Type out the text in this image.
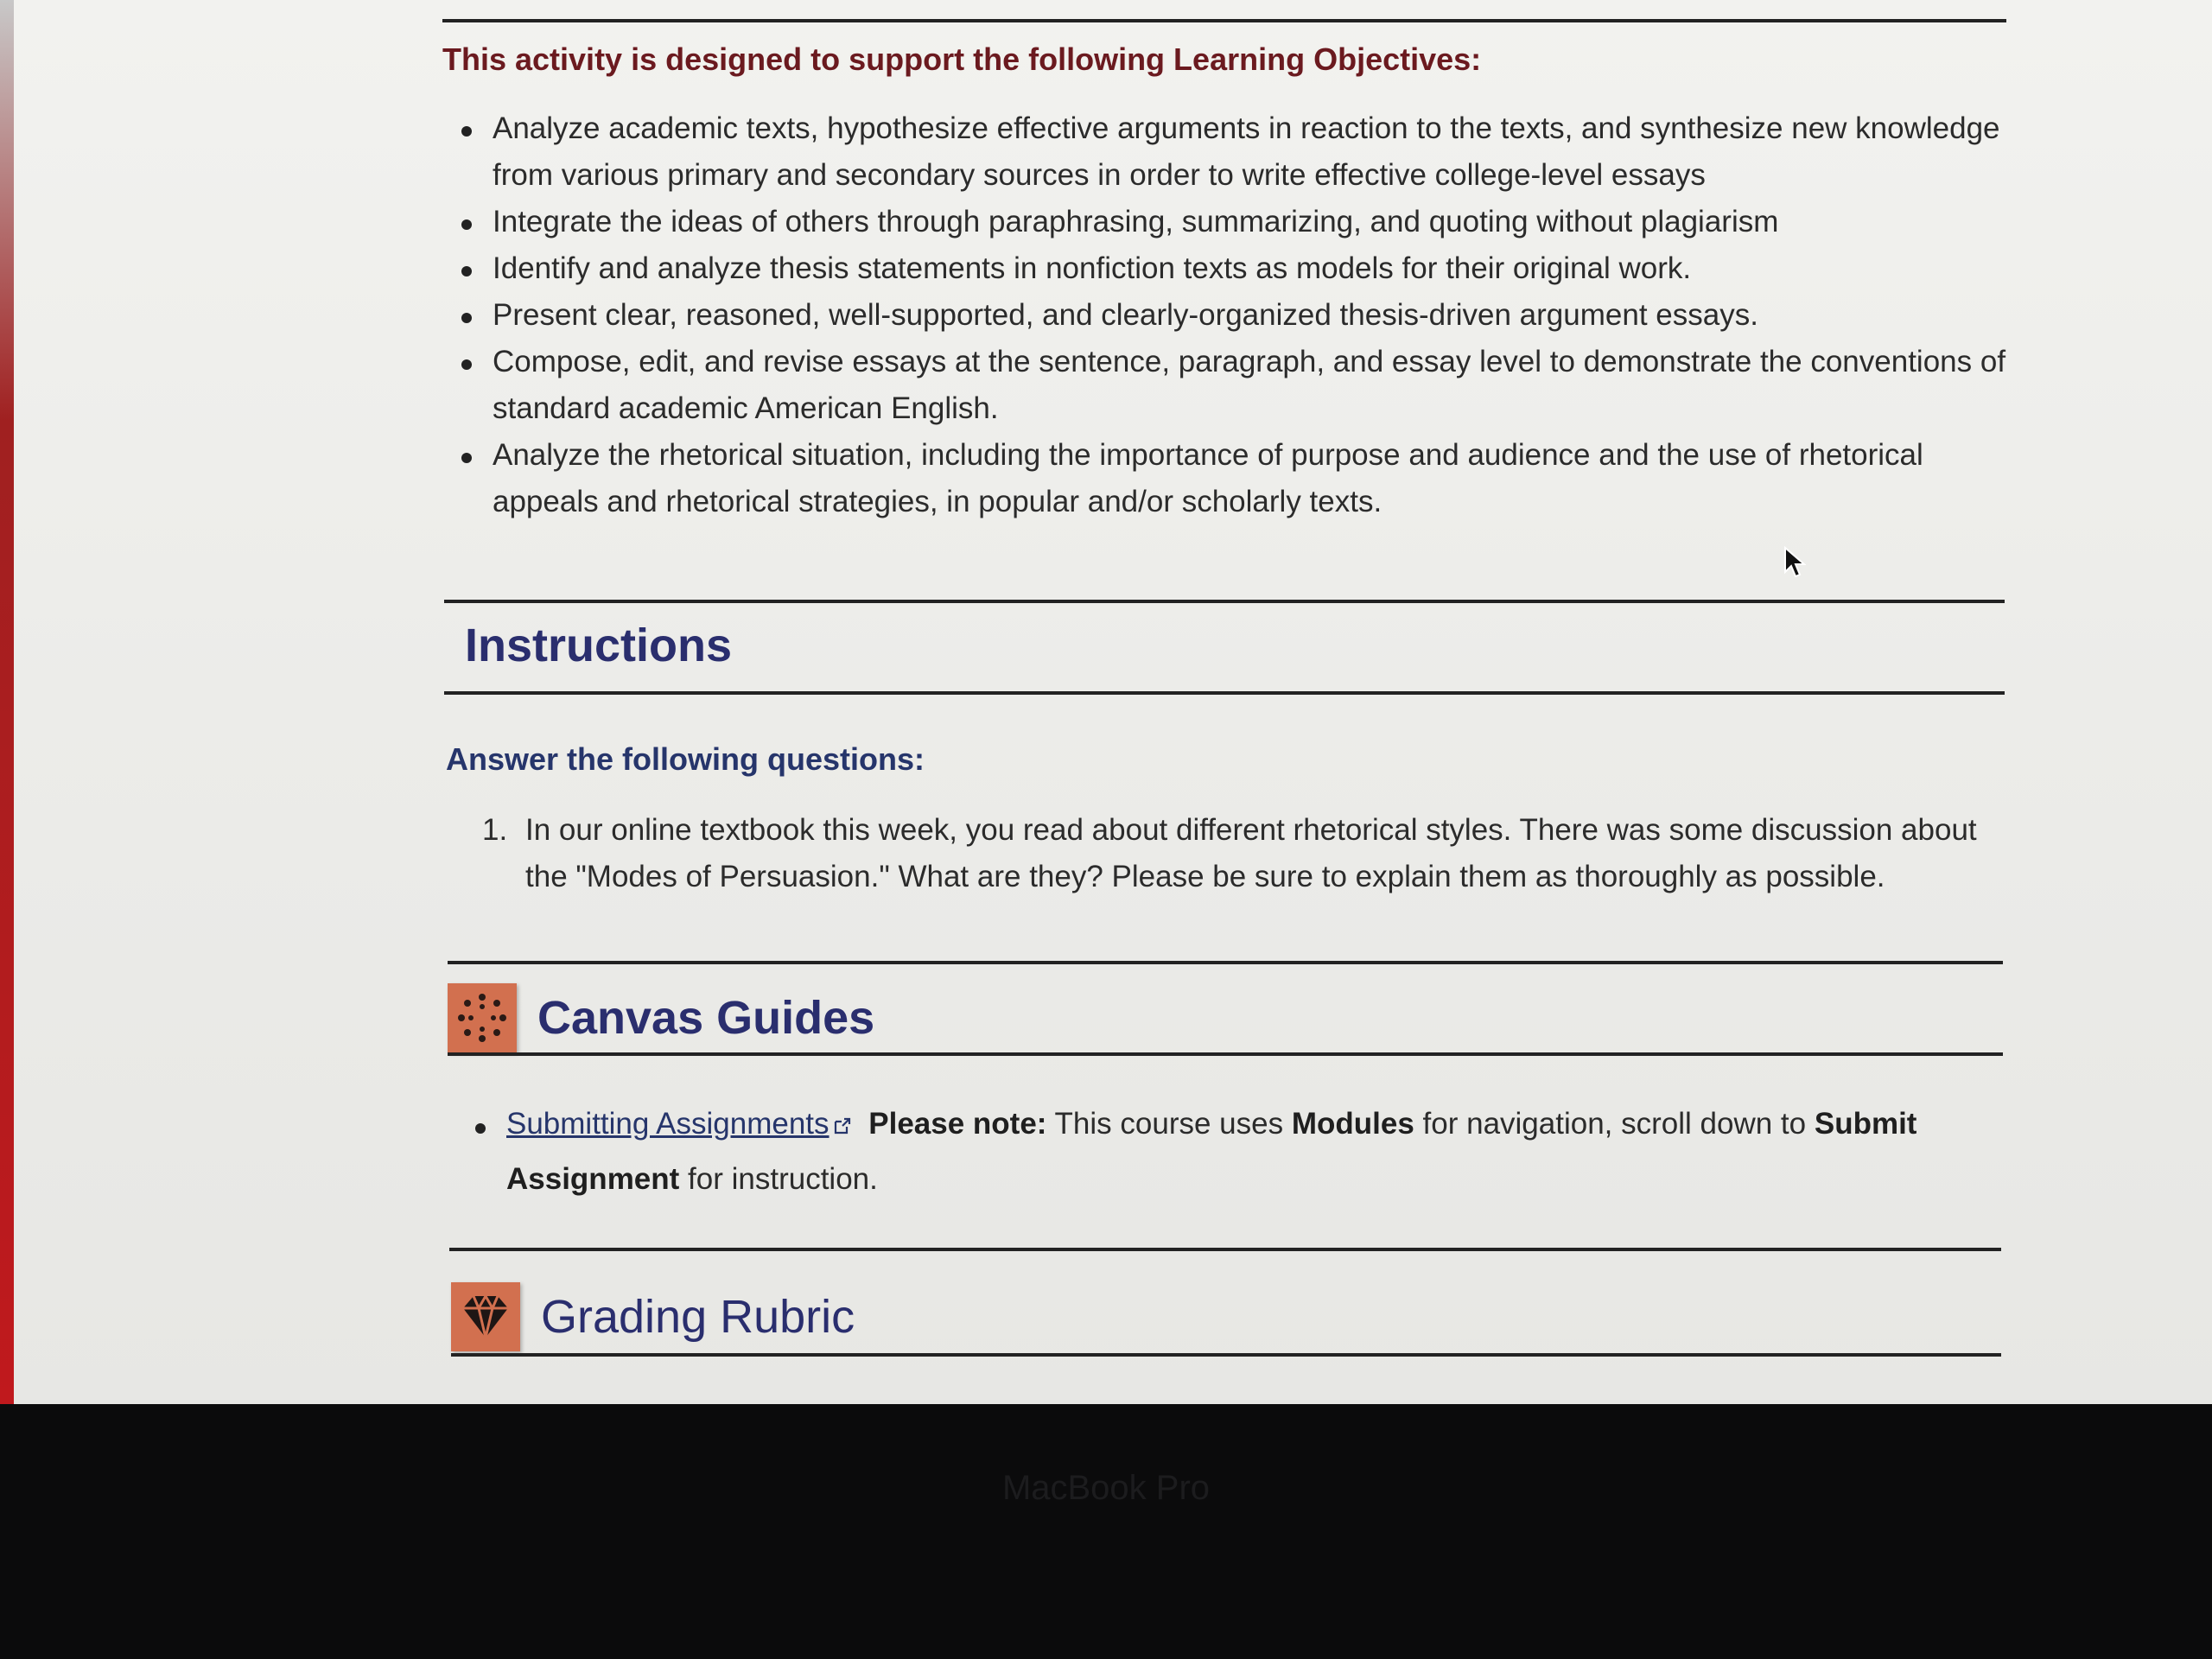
This activity is designed to support the following Learning Objectives:

Analyze academic texts, hypothesize effective arguments in reaction to the texts, and synthesize new knowledge from various primary and secondary sources in order to write effective college-level essays
Integrate the ideas of others through paraphrasing, summarizing, and quoting without plagiarism
Identify and analyze thesis statements in nonfiction texts as models for their original work.
Present clear, reasoned, well-supported, and clearly-organized thesis-driven argument essays.
Compose, edit, and revise essays at the sentence, paragraph, and essay level to demonstrate the conventions of standard academic American English.
Analyze the rhetorical situation, including the importance of purpose and audience and the use of rhetorical appeals and rhetorical strategies, in popular and/or scholarly texts.
Instructions

Answer the following questions:

1. In our online textbook this week, you read about different rhetorical styles. There was some discussion about the "Modes of Persuasion." What are they? Please be sure to explain them as thoroughly as possible.
Canvas Guides
Submitting Assignments Please note: This course uses Modules for navigation, scroll down to Submit Assignment for instruction.
Grading Rubric
MacBook Pro
